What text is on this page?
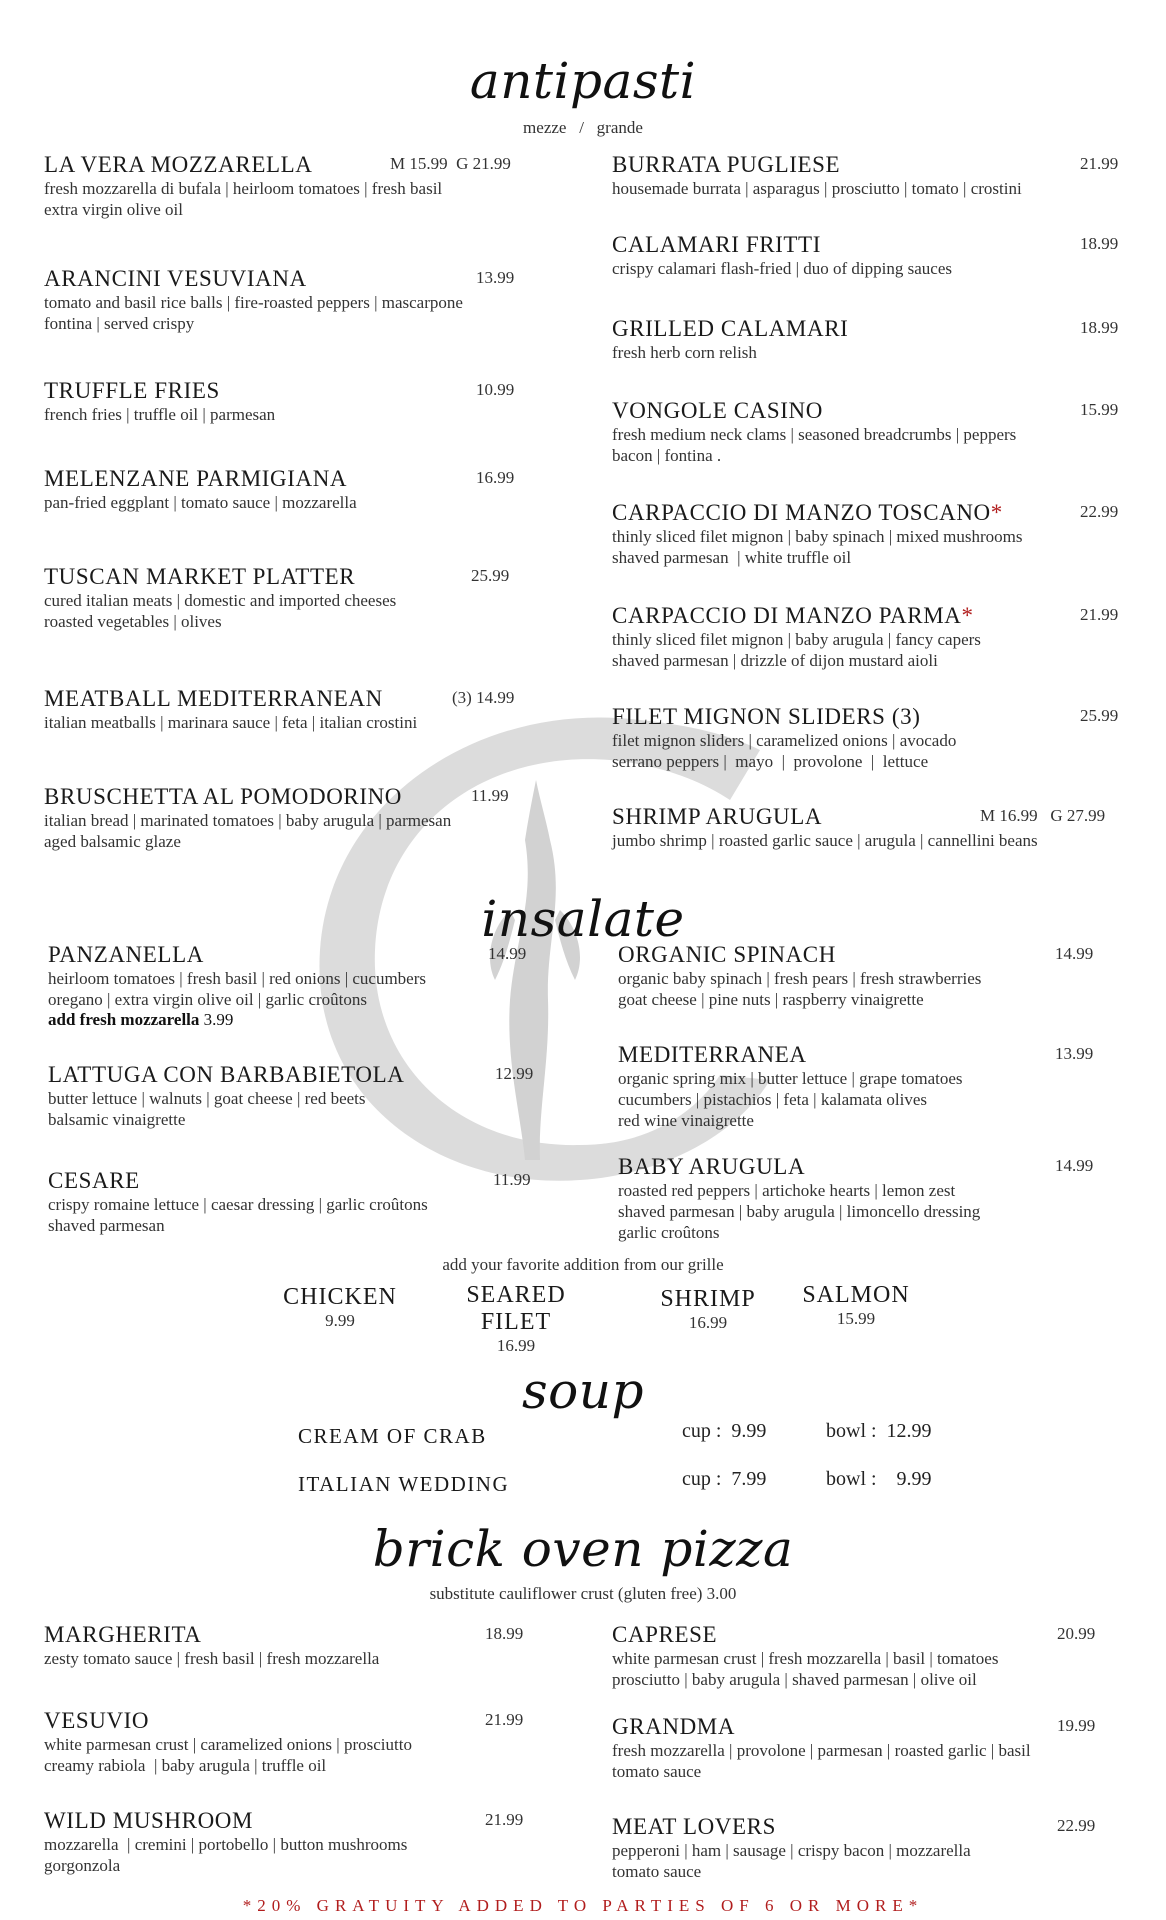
antipasti
mezze   /   grande
LA VERA MOZZARELLA	M 15.99  G 21.99
fresh mozzarella di bufala | heirloom tomatoes | fresh basil
extra virgin olive oil
ARANCINI VESUVIANA	13.99
tomato and basil rice balls | fire-roasted peppers | mascarpone
fontina | served crispy
TRUFFLE FRIES	10.99
french fries | truffle oil | parmesan
MELENZANE PARMIGIANA	16.99
pan-fried eggplant | tomato sauce | mozzarella
TUSCAN MARKET PLATTER	25.99
cured italian meats | domestic and imported cheeses
roasted vegetables | olives
MEATBALL MEDITERRANEAN	(3) 14.99
italian meatballs | marinara sauce | feta | italian crostini
BRUSCHETTA AL POMODORINO	11.99
italian bread | marinated tomatoes | baby arugula | parmesan
aged balsamic glaze
BURRATA PUGLIESE	21.99
housemade burrata | asparagus | prosciutto | tomato | crostini
CALAMARI FRITTI	18.99
crispy calamari flash-fried | duo of dipping sauces
GRILLED CALAMARI	18.99
fresh herb corn relish
VONGOLE CASINO	15.99
fresh medium neck clams | seasoned breadcrumbs | peppers
bacon | fontina .
CARPACCIO DI MANZO TOSCANO*	22.99
thinly sliced filet mignon | baby spinach | mixed mushrooms
shaved parmesan  | white truffle oil
CARPACCIO DI MANZO PARMA*	21.99
thinly sliced filet mignon | baby arugula | fancy capers
shaved parmesan | drizzle of dijon mustard aioli
FILET MIGNON SLIDERS (3)	25.99
filet mignon sliders | caramelized onions | avocado
serrano peppers |  mayo  |  provolone  |  lettuce
SHRIMP ARUGULA	M 16.99   G 27.99
jumbo shrimp | roasted garlic sauce | arugula | cannellini beans
insalate
PANZANELLA	14.99
heirloom tomatoes | fresh basil | red onions | cucumbers
oregano | extra virgin olive oil | garlic croûtons
add fresh mozzarella 3.99
LATTUGA CON BARBABIETOLA	12.99
butter lettuce | walnuts | goat cheese | red beets
balsamic vinaigrette
CESARE	11.99
crispy romaine lettuce | caesar dressing | garlic croûtons
shaved parmesan
ORGANIC SPINACH	14.99
organic baby spinach | fresh pears | fresh strawberries
goat cheese | pine nuts | raspberry vinaigrette
MEDITERRANEA	13.99
organic spring mix | butter lettuce | grape tomatoes
cucumbers | pistachios | feta | kalamata olives
red wine vinaigrette
BABY ARUGULA	14.99
roasted red peppers | artichoke hearts | lemon zest
shaved parmesan | baby arugula | limoncello dressing
garlic croûtons
add your favorite addition from our grille
CHICKEN
9.99
SEARED FILET
16.99
SHRIMP
16.99
SALMON
15.99
soup
CREAM OF CRAB	cup :  9.99	bowl :  12.99
ITALIAN WEDDING	cup :  7.99	bowl :    9.99
brick oven pizza
substitute cauliflower crust (gluten free) 3.00
MARGHERITA	18.99
zesty tomato sauce | fresh basil | fresh mozzarella
VESUVIO	21.99
white parmesan crust | caramelized onions | prosciutto
creamy rabiola  | baby arugula | truffle oil
WILD MUSHROOM	21.99
mozzarella  | cremini | portobello | button mushrooms
gorgonzola
CAPRESE	20.99
white parmesan crust | fresh mozzarella | basil | tomatoes
prosciutto | baby arugula | shaved parmesan | olive oil
GRANDMA	19.99
fresh mozzarella | provolone | parmesan | roasted garlic | basil
tomato sauce
MEAT LOVERS	22.99
pepperoni | ham | sausage | crispy bacon | mozzarella
tomato sauce
*20% GRATUITY ADDED TO PARTIES OF 6 OR MORE*
